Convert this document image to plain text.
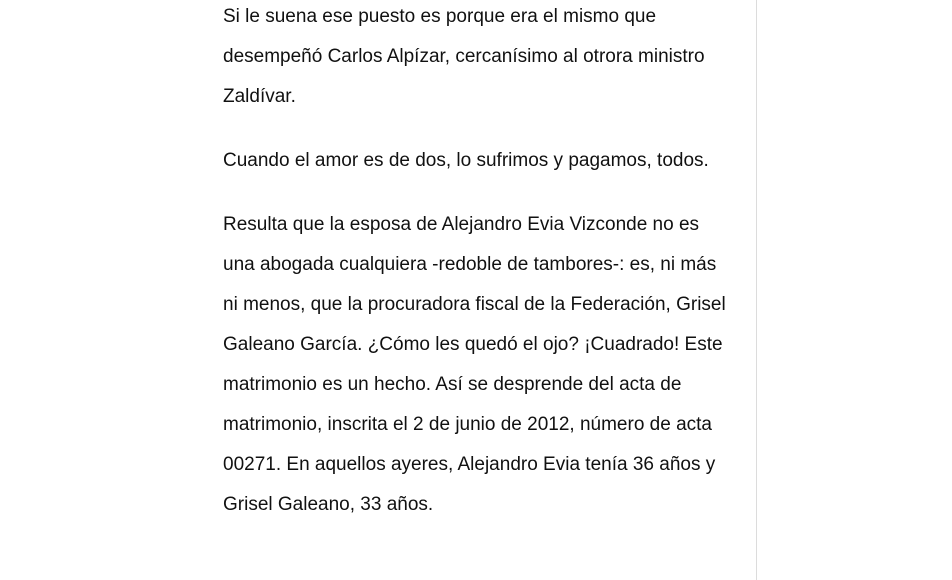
Si le suena ese puesto es porque era el mismo que desempeñó Carlos Alpízar, cercanísimo al otrora ministro Zaldívar.

Cuando el amor es de dos, lo sufrimos y pagamos, todos.

Resulta que la esposa de Alejandro Evia Vizconde no es una abogada cualquiera -redoble de tambores-: es, ni más ni menos, que la procuradora fiscal de la Federación, Grisel Galeano García. ¿Cómo les quedó el ojo? ¡Cuadrado! Este matrimonio es un hecho. Así se desprende del acta de matrimonio, inscrita el 2 de junio de 2012, número de acta 00271. En aquellos ayeres, Alejandro Evia tenía 36 años y Grisel Galeano, 33 años.
